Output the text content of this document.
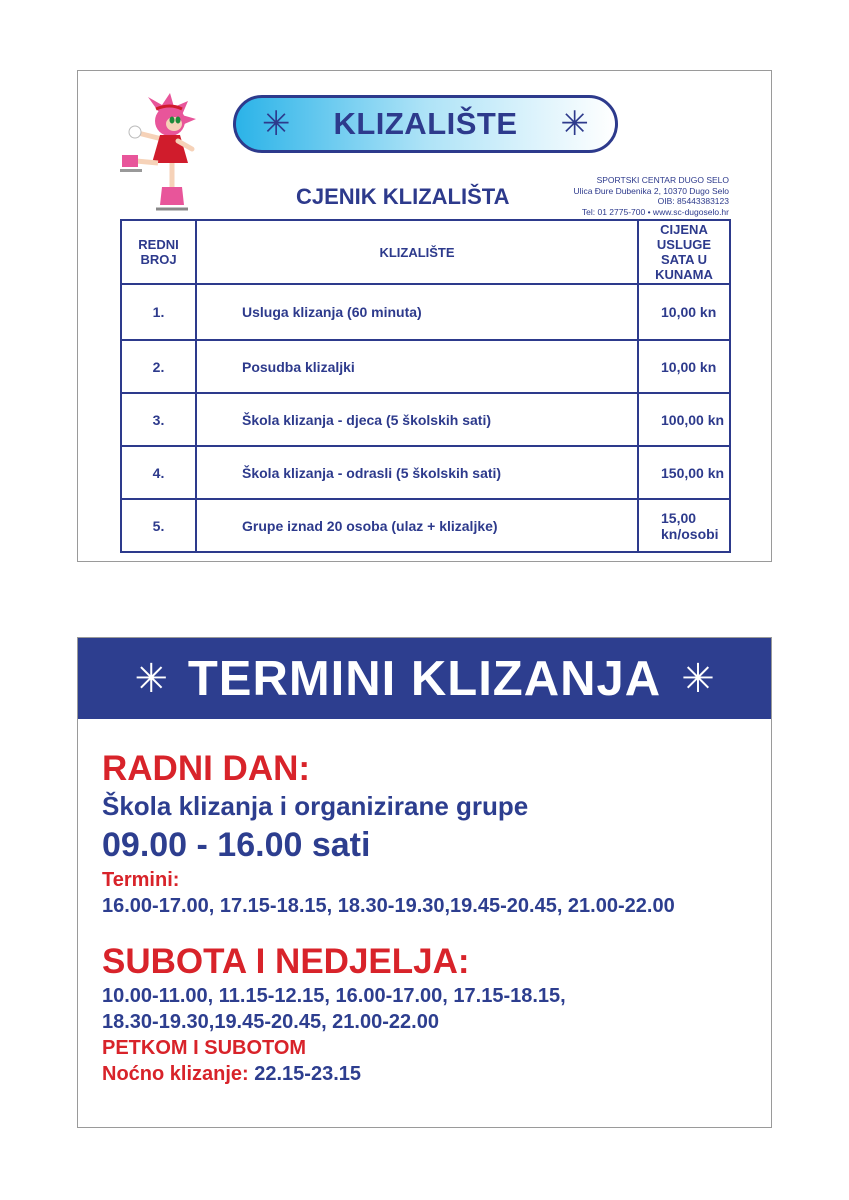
✳ KLIZALIŠTE ✳
CJENIK KLIZALIŠTA
SPORTSKI CENTAR DUGO SELO
Ulica Đure Dubenika 2, 10370 Dugo Selo
OIB: 85443383123
Tel: 01 2775-700 • www.sc-dugoselo.hr
REDNI BROJ	KLIZALIŠTE	CIJENA USLUGE SATA U KUNAMA
1.	Usluga klizanja (60 minuta)	10,00 kn
2.	Posudba klizaljki	10,00 kn
3.	Škola klizanja - djeca (5 školskih sati)	100,00 kn
4.	Škola klizanja - odrasli (5 školskih sati)	150,00 kn
5.	Grupe iznad 20 osoba (ulaz + klizaljke)	15,00 kn/osobi
✳ TERMINI KLIZANJA ✳
RADNI DAN:
Škola klizanja i organizirane grupe
09.00 - 16.00 sati
Termini:
16.00-17.00, 17.15-18.15, 18.30-19.30,19.45-20.45, 21.00-22.00
SUBOTA I NEDJELJA:
10.00-11.00, 11.15-12.15, 16.00-17.00, 17.15-18.15,
18.30-19.30,19.45-20.45, 21.00-22.00
PETKOM I SUBOTOM
Noćno klizanje: 22.15-23.15
